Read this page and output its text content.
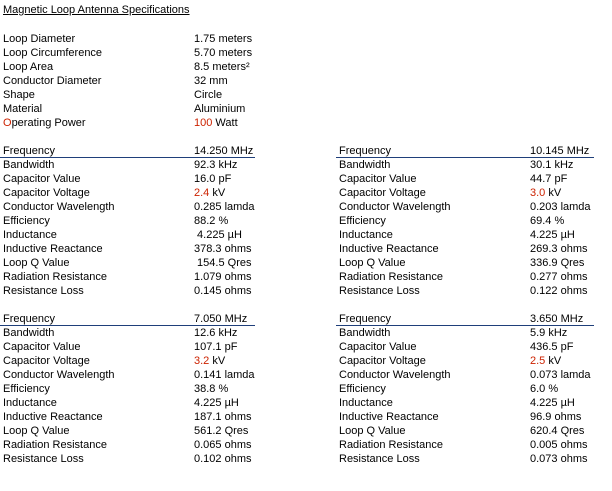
Magnetic Loop Antenna Specifications
Loop Diameter	1.75 meters
Loop Circumference	5.70 meters
Loop Area	8.5 meters²
Conductor Diameter	32 mm
Shape	Circle
Material	Aluminium
Operating Power	100 Watt
Frequency	14.250 MHz
Bandwidth	92.3 kHz
Capacitor Value	16.0 pF
Capacitor Voltage	2.4 kV
Conductor Wavelength	0.285 lamda
Efficiency	88.2 %
Inductance	4.225 µH
Inductive Reactance	378.3 ohms
Loop Q Value	154.5 Qres
Radiation Resistance	1.079 ohms
Resistance Loss	0.145 ohms
Frequency	10.145 MHz
Bandwidth	30.1 kHz
Capacitor Value	44.7 pF
Capacitor Voltage	3.0 kV
Conductor Wavelength	0.203 lamda
Efficiency	69.4 %
Inductance	4.225 µH
Inductive Reactance	269.3 ohms
Loop Q Value	336.9 Qres
Radiation Resistance	0.277 ohms
Resistance Loss	0.122 ohms
Frequency	7.050 MHz
Bandwidth	12.6 kHz
Capacitor Value	107.1 pF
Capacitor Voltage	3.2 kV
Conductor Wavelength	0.141 lamda
Efficiency	38.8 %
Inductance	4.225 µH
Inductive Reactance	187.1 ohms
Loop Q Value	561.2 Qres
Radiation Resistance	0.065 ohms
Resistance Loss	0.102 ohms
Frequency	3.650 MHz
Bandwidth	5.9 kHz
Capacitor Value	436.5 pF
Capacitor Voltage	2.5 kV
Conductor Wavelength	0.073 lamda
Efficiency	6.0 %
Inductance	4.225 µH
Inductive Reactance	96.9 ohms
Loop Q Value	620.4 Qres
Radiation Resistance	0.005 ohms
Resistance Loss	0.073 ohms
